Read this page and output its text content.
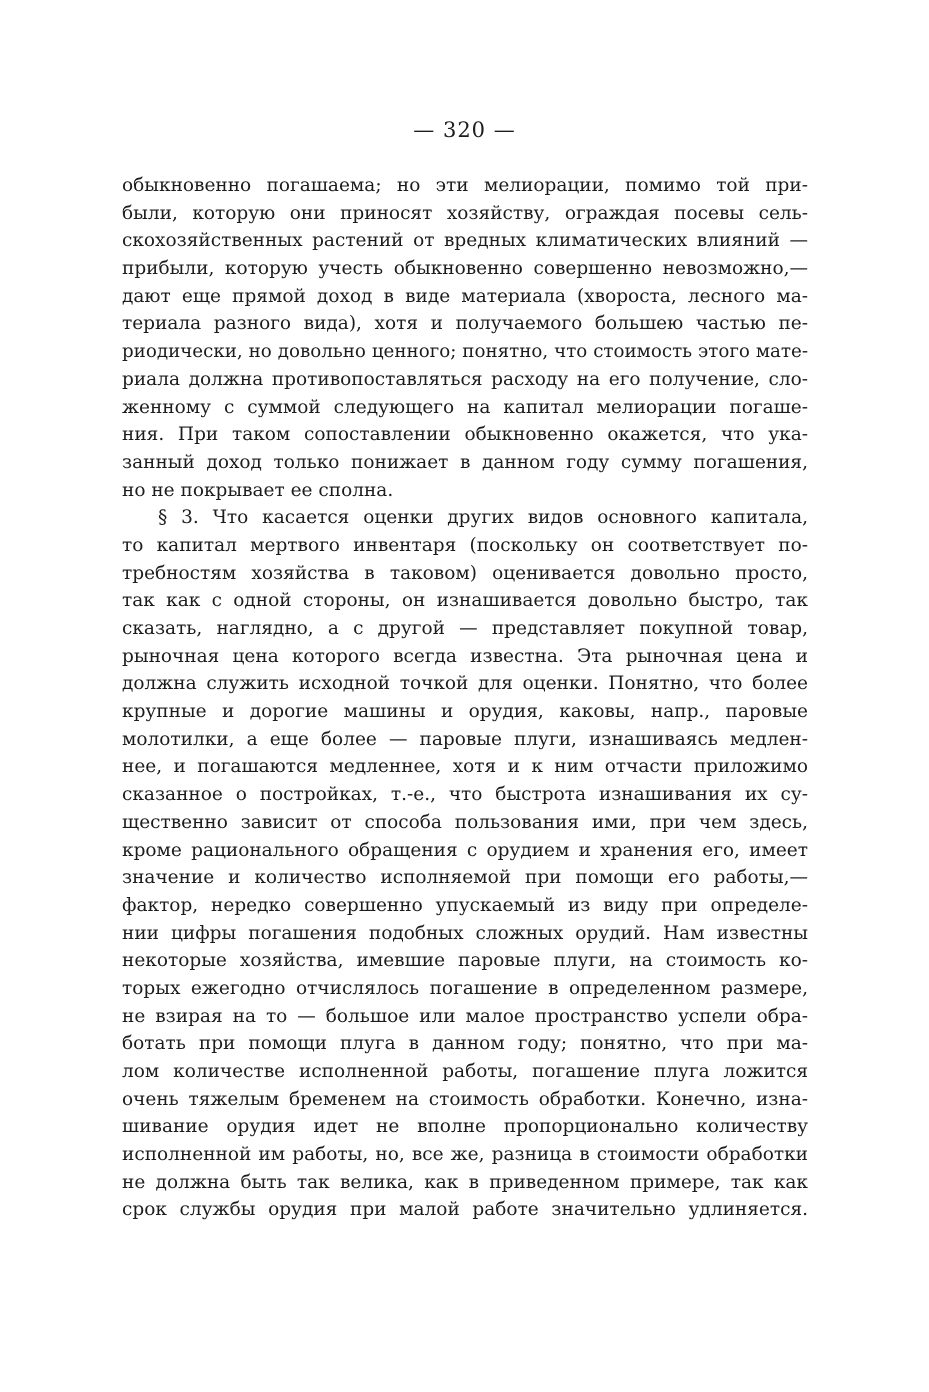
— 320 —
обыкновенно погашаема; но эти мелиорации, помимо той при-
были, которую они приносят хозяйству, ограждая посевы сель-
скохозяйственных растений от вредных климатических влияний —
прибыли, которую учесть обыкновенно совершенно невозможно,—
дают еще прямой доход в виде материала (хвороста, лесного ма-
териала разного вида), хотя и получаемого большею частью пе-
риодически, но довольно ценного; понятно, что стоимость этого мате-
риала должна противопоставляться расходу на его получение, сло-
женному с суммой следующего на капитал мелиорации погаше-
ния. При таком сопоставлении обыкновенно окажется, что ука-
занный доход только понижает в данном году сумму погашения,
но не покрывает ее сполна.
§ 3. Что касается оценки других видов основного капитала,
то капитал мертвого инвентаря (поскольку он соответствует по-
требностям хозяйства в таковом) оценивается довольно просто,
так как с одной стороны, он изнашивается довольно быстро, так
сказать, наглядно, а с другой — представляет покупной товар,
рыночная цена которого всегда известна. Эта рыночная цена и
должна служить исходной точкой для оценки. Понятно, что более
крупные и дорогие машины и орудия, каковы, напр., паровые
молотилки, а еще более — паровые плуги, изнашиваясь медлен-
нее, и погашаются медленнее, хотя и к ним отчасти приложимо
сказанное о постройках, т.-е., что быстрота изнашивания их су-
щественно зависит от способа пользования ими, при чем здесь,
кроме рационального обращения с орудием и хранения его, имеет
значение и количество исполняемой при помощи его работы,—
фактор, нередко совершенно упускаемый из виду при определе-
нии цифры погашения подобных сложных орудий. Нам известны
некоторые хозяйства, имевшие паровые плуги, на стоимость ко-
торых ежегодно отчислялось погашение в определенном размере,
не взирая на то — большое или малое пространство успели обра-
ботать при помощи плуга в данном году; понятно, что при ма-
лом количестве исполненной работы, погашение плуга ложится
очень тяжелым бременем на стоимость обработки. Конечно, изна-
шивание орудия идет не вполне пропорционально количеству
исполненной им работы, но, все же, разница в стоимости обработки
не должна быть так велика, как в приведенном примере, так как
срок службы орудия при малой работе значительно удлиняется.
